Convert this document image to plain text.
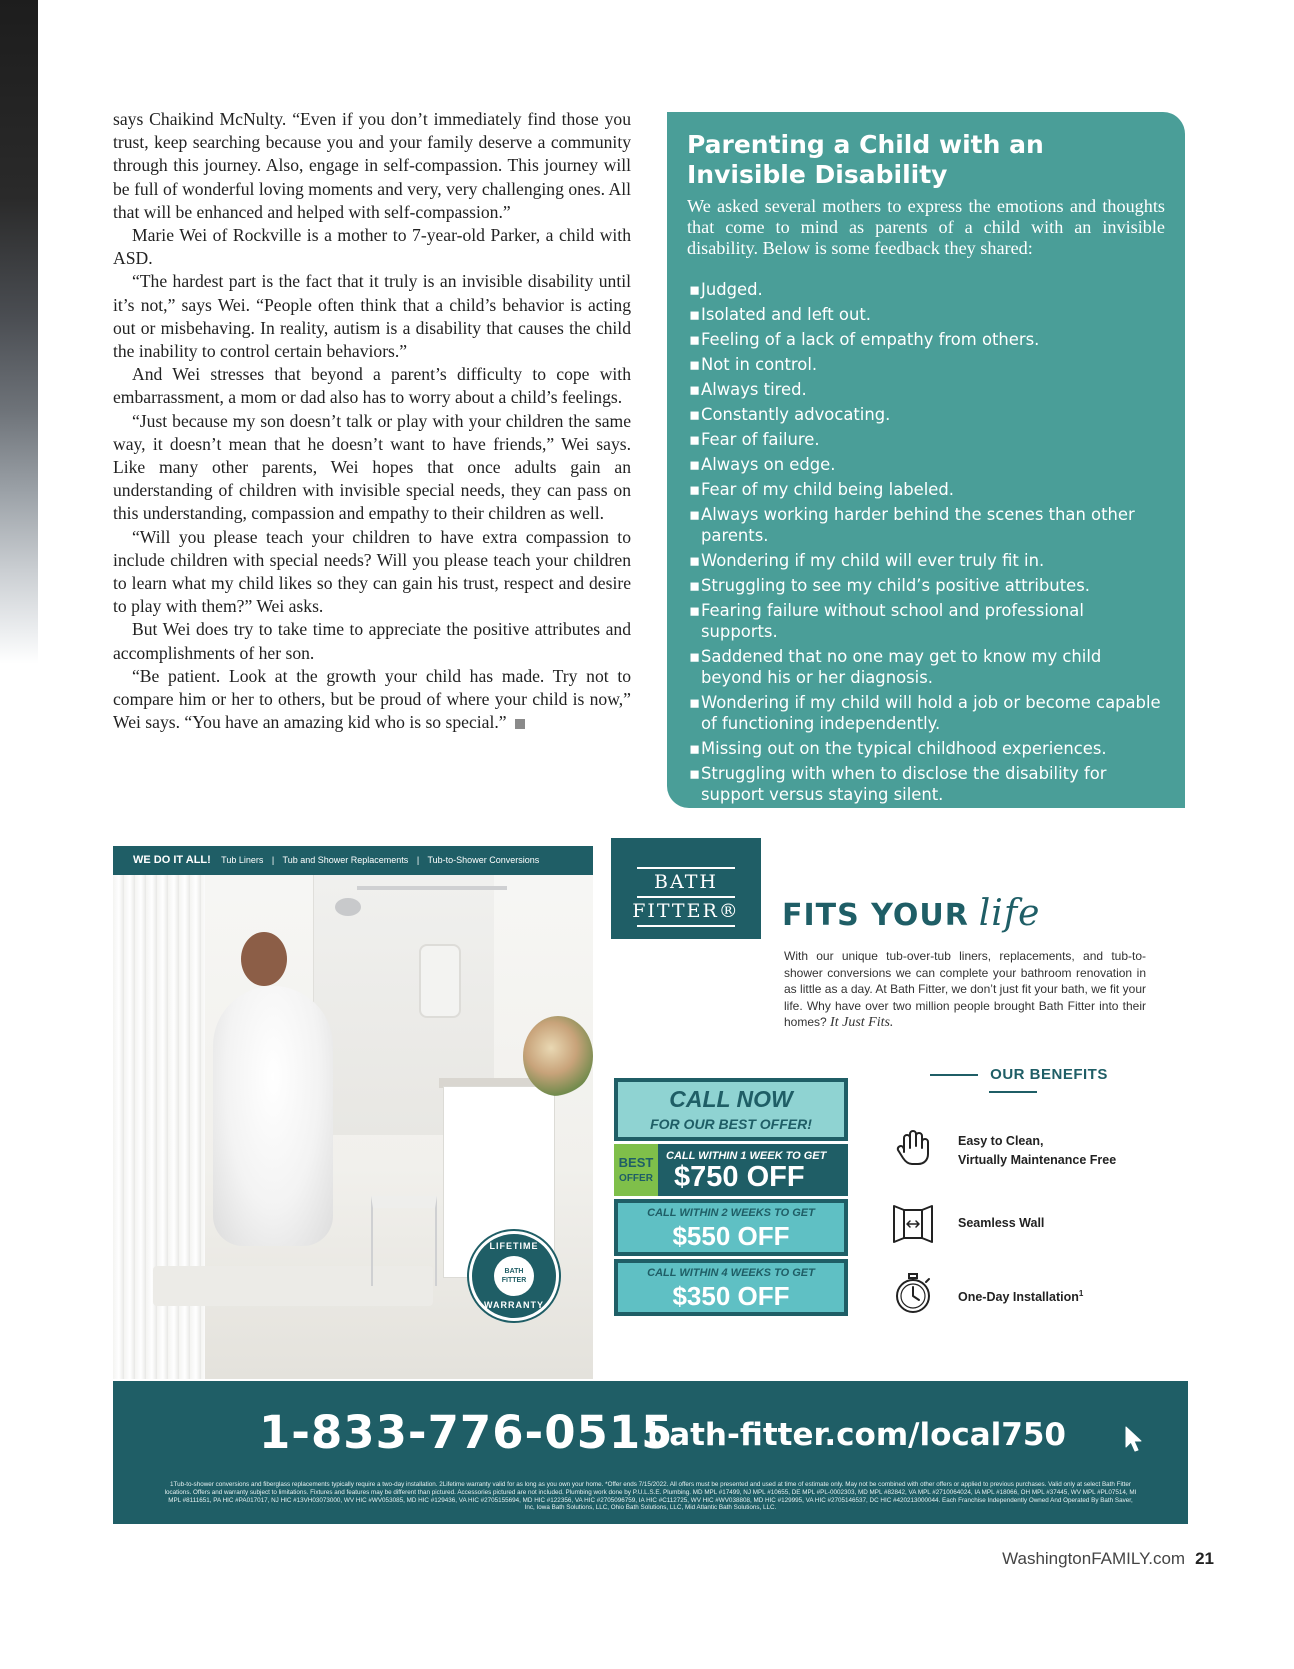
says Chaikind McNulty. “Even if you don’t immediately find those you trust, keep searching because you and your family deserve a community through this journey. Also, engage in self-compassion. This journey will be full of wonderful loving moments and very, very challenging ones. All that will be enhanced and helped with self-compassion.”

Marie Wei of Rockville is a mother to 7-year-old Parker, a child with ASD.

“The hardest part is the fact that it truly is an invisible disability until it’s not,” says Wei. “People often think that a child’s behavior is acting out or misbehaving. In reality, autism is a disability that causes the child the inability to control certain behaviors.”

And Wei stresses that beyond a parent’s difficulty to cope with embarrassment, a mom or dad also has to worry about a child’s feelings.

“Just because my son doesn’t talk or play with your children the same way, it doesn’t mean that he doesn’t want to have friends,” Wei says. Like many other parents, Wei hopes that once adults gain an understanding of children with invisible special needs, they can pass on this understanding, compassion and empathy to their children as well.

“Will you please teach your children to have extra compassion to include children with special needs? Will you please teach your children to learn what my child likes so they can gain his trust, respect and desire to play with them?” Wei asks.

But Wei does try to take time to appreciate the positive attributes and accomplishments of her son.

“Be patient. Look at the growth your child has made. Try not to compare him or her to others, but be proud of where your child is now,” Wei says. “You have an amazing kid who is so special.”

Parenting a Child with an Invisible Disability

We asked several mothers to express the emotions and thoughts that come to mind as parents of a child with an invisible disability. Below is some feedback they shared:

▪ Judged.
▪ Isolated and left out.
▪ Feeling of a lack of empathy from others.
▪ Not in control.
▪ Always tired.
▪ Constantly advocating.
▪ Fear of failure.
▪ Always on edge.
▪ Fear of my child being labeled.
▪ Always working harder behind the scenes than other parents.
▪ Wondering if my child will ever truly fit in.
▪ Struggling to see my child’s positive attributes.
▪ Fearing failure without school and professional supports.
▪ Saddened that no one may get to know my child beyond his or her diagnosis.
▪ Wondering if my child will hold a job or become capable of functioning independently.
▪ Missing out on the typical childhood experiences.
▪ Struggling with when to disclose the disability for support versus staying silent.
WE DO IT ALL! Tub Liners | Tub and Shower Replacements | Tub-to-Shower Conversions
LIFETIME
BATH FITTER
WARRANTY
BATH
FITTER®	FITS YOUR life
With our unique tub-over-tub liners, replacements, and tub-to-shower conversions we can complete your bathroom renovation in as little as a day. At Bath Fitter, we don’t just fit your bath, we fit your life. Why have over two million people brought Bath Fitter into their homes? It Just Fits.
CALL NOW
FOR OUR BEST OFFER!
BEST
OFFER
CALL WITHIN 1 WEEK TO GET
$750 OFF
CALL WITHIN 2 WEEKS TO GET
$550 OFF
CALL WITHIN 4 WEEKS TO GET
$350 OFF
OUR BENEFITS
Easy to Clean,
Virtually Maintenance Free
Seamless Wall
One-Day Installation$^1$
1-833-776-0515
bath-fitter.com/local750
1Tub-to-shower conversions and fiberglass replacements typically require a two-day installation. 2Lifetime warranty valid for as long as you own your home. *Offer ends 7/15/2022. All offers must be presented and used at time of estimate only. May not be combined with other offers or applied to previous purchases. Valid only at select Bath Fitter locations. Offers and warranty subject to limitations. Fixtures and features may be different than pictured. Accessories pictured are not included. Plumbing work done by P.U.L.S.E. Plumbing. MD MPL #17499, NJ MPL #10655, DE MPL #PL-0002303, MD MPL #82842, VA MPL #2710064024, IA MPL #18066, OH MPL #37445, WV MPL #PL07514, MI MPL #8111651, PA HIC #PA017017, NJ HIC #13VH03073000, WV HIC #WV053085, MD HIC #129436, VA HIC #2705155694, MD HIC #122356, VA HIC #2705096759, IA HIC #C112725, WV HIC #WV038808, MD HIC #129995, VA HIC #2705146537, DC HIC #420213000044. Each Franchise Independently Owned And Operated By Bath Saver, Inc, Iowa Bath Solutions, LLC, Ohio Bath Solutions, LLC, Mid Atlantic Bath Solutions, LLC.
WashingtonFAMILY.com 21
